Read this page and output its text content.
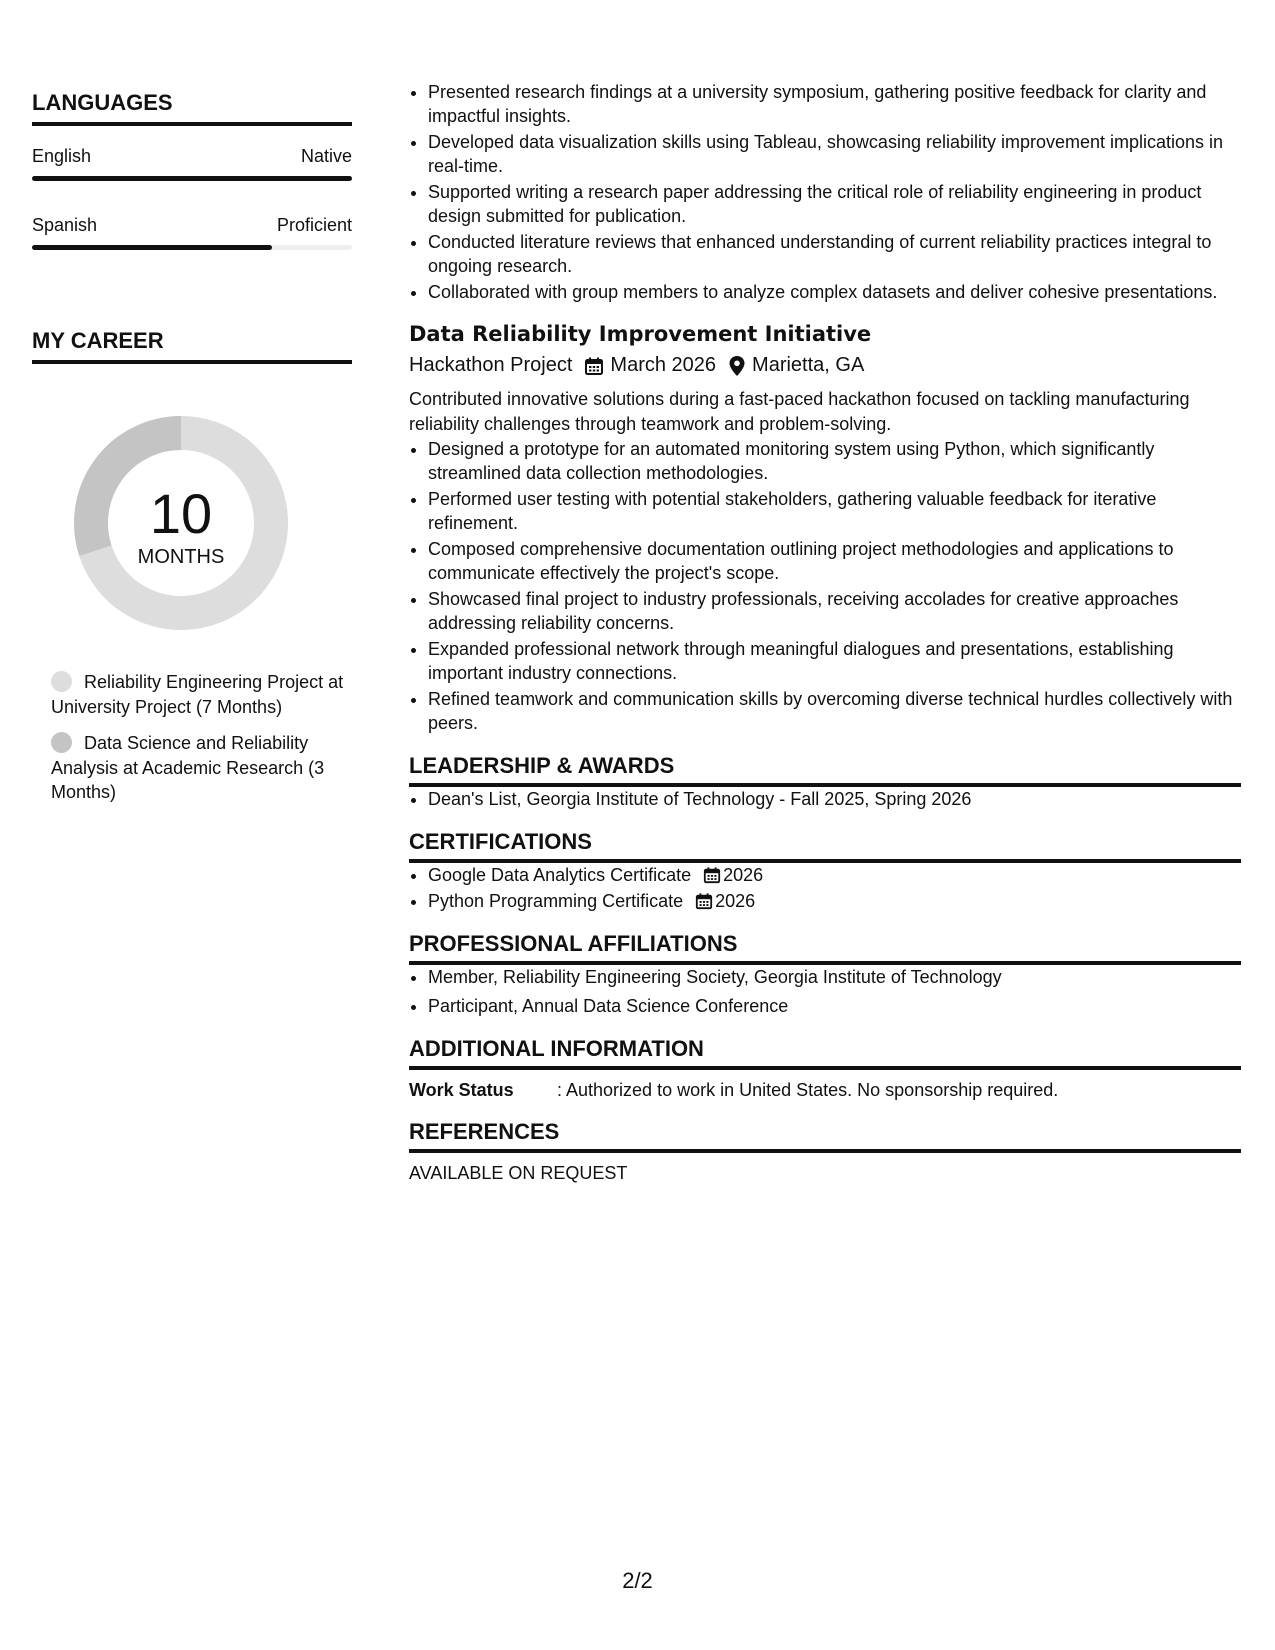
LANGUAGES
English	Native
Spanish	Proficient
MY CAREER
10
MONTHS
Reliability Engineering Project at University Project (7 Months)
Data Science and Reliability Analysis at Academic Research (3 Months)
• Presented research findings at a university symposium, gathering positive feedback for clarity and impactful insights.
• Developed data visualization skills using Tableau, showcasing reliability improvement implications in real-time.
• Supported writing a research paper addressing the critical role of reliability engineering in product design submitted for publication.
• Conducted literature reviews that enhanced understanding of current reliability practices integral to ongoing research.
• Collaborated with group members to analyze complex datasets and deliver cohesive presentations.
Data Reliability Improvement Initiative
Hackathon Project March 2026 Marietta, GA
Contributed innovative solutions during a fast-paced hackathon focused on tackling manufacturing reliability challenges through teamwork and problem-solving.
• Designed a prototype for an automated monitoring system using Python, which significantly streamlined data collection methodologies.
• Performed user testing with potential stakeholders, gathering valuable feedback for iterative refinement.
• Composed comprehensive documentation outlining project methodologies and applications to communicate effectively the project's scope.
• Showcased final project to industry professionals, receiving accolades for creative approaches addressing reliability concerns.
• Expanded professional network through meaningful dialogues and presentations, establishing important industry connections.
• Refined teamwork and communication skills by overcoming diverse technical hurdles collectively with peers.
LEADERSHIP & AWARDS
• Dean's List, Georgia Institute of Technology - Fall 2025, Spring 2026
CERTIFICATIONS
• Google Data Analytics Certificate 2026
• Python Programming Certificate 2026
PROFESSIONAL AFFILIATIONS
• Member, Reliability Engineering Society, Georgia Institute of Technology
• Participant, Annual Data Science Conference
ADDITIONAL INFORMATION
Work Status	: Authorized to work in United States. No sponsorship required.
REFERENCES
AVAILABLE ON REQUEST
2/2
